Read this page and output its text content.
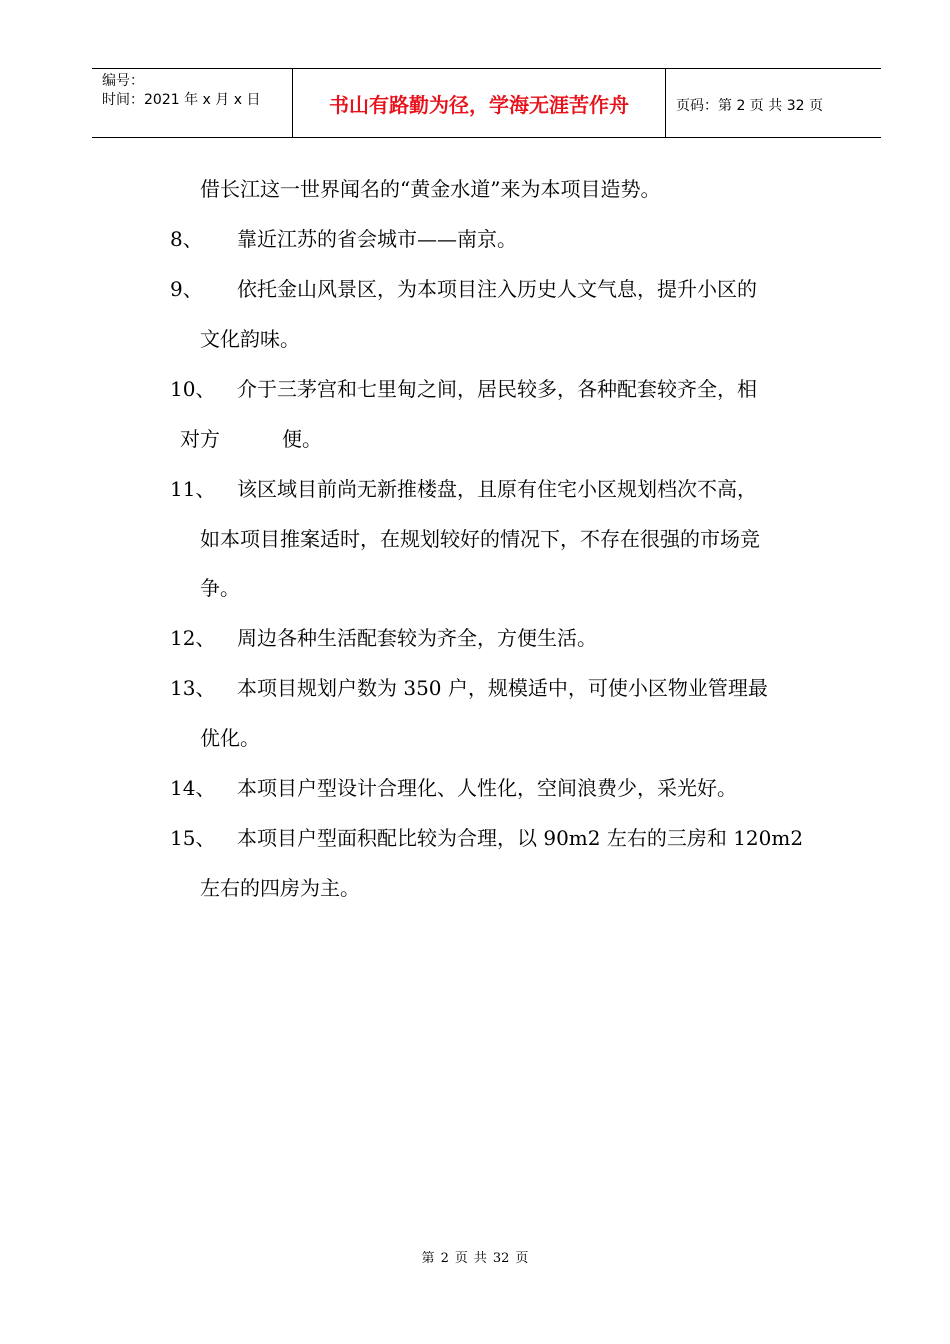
编号：
时间：2021 年 x 月 x 日	书山有路勤为径，学海无涯苦作舟	页码：第 2 页 共 32 页
借长江这一世界闻名的“黄金水道”来为本项目造势。
8、 靠近江苏的省会城市——南京。
9、 依托金山风景区，为本项目注入历史人文气息，提升小区的
文化韵味。
10、 介于三茅宫和七里甸之间，居民较多，各种配套较齐全，相
对方	便。
11、 该区域目前尚无新推楼盘，且原有住宅小区规划档次不高，
如本项目推案适时，在规划较好的情况下，不存在很强的市场竞
争。
12、 周边各种生活配套较为齐全，方便生活。
13、 本项目规划户数为 350 户，规模适中，可使小区物业管理最
优化。
14、 本项目户型设计合理化、人性化，空间浪费少，采光好。
15、 本项目户型面积配比较为合理，以 90m2 左右的三房和 120m2
左右的四房为主。
第 2 页 共 32 页
